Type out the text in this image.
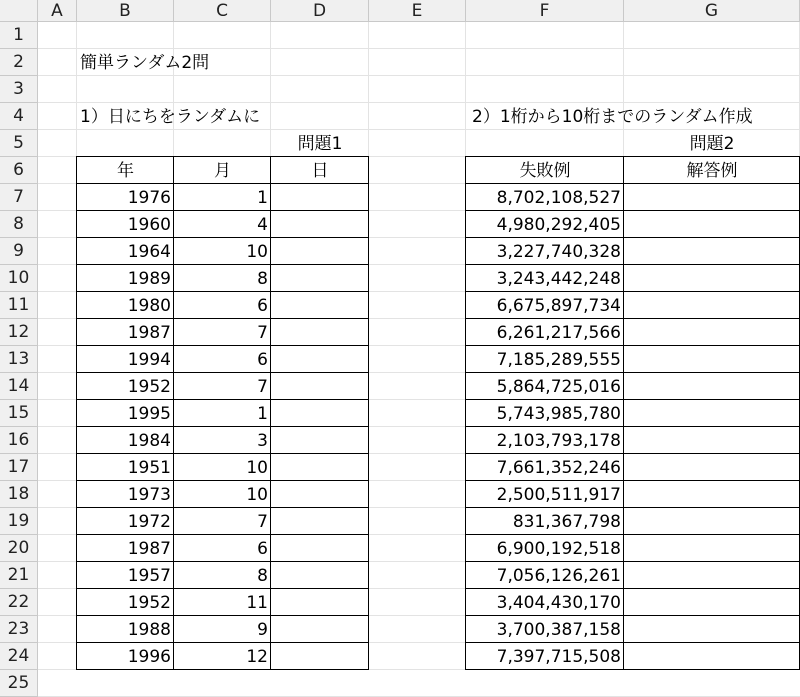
A	B	C	D	E	F	G
1
2
3
4
5
6
7
8
9
10
11
12
13
14
15
16
17
18
19
20
21
22
23
24
25
簡単ランダム2問
1）日にちをランダムに	2）1桁から10桁までのランダム作成
問題1	問題2
年	月	日
1976	1
1960	4
1964	10
1989	8
1980	6
1987	7
1994	6
1952	7
1995	1
1984	3
1951	10
1973	10
1972	7
1987	6
1957	8
1952	11
1988	9
1996	12
失敗例	解答例
8,702,108,527
4,980,292,405
3,227,740,328
3,243,442,248
6,675,897,734
6,261,217,566
7,185,289,555
5,864,725,016
5,743,985,780
2,103,793,178
7,661,352,246
2,500,511,917
831,367,798
6,900,192,518
7,056,126,261
3,404,430,170
3,700,387,158
7,397,715,508
